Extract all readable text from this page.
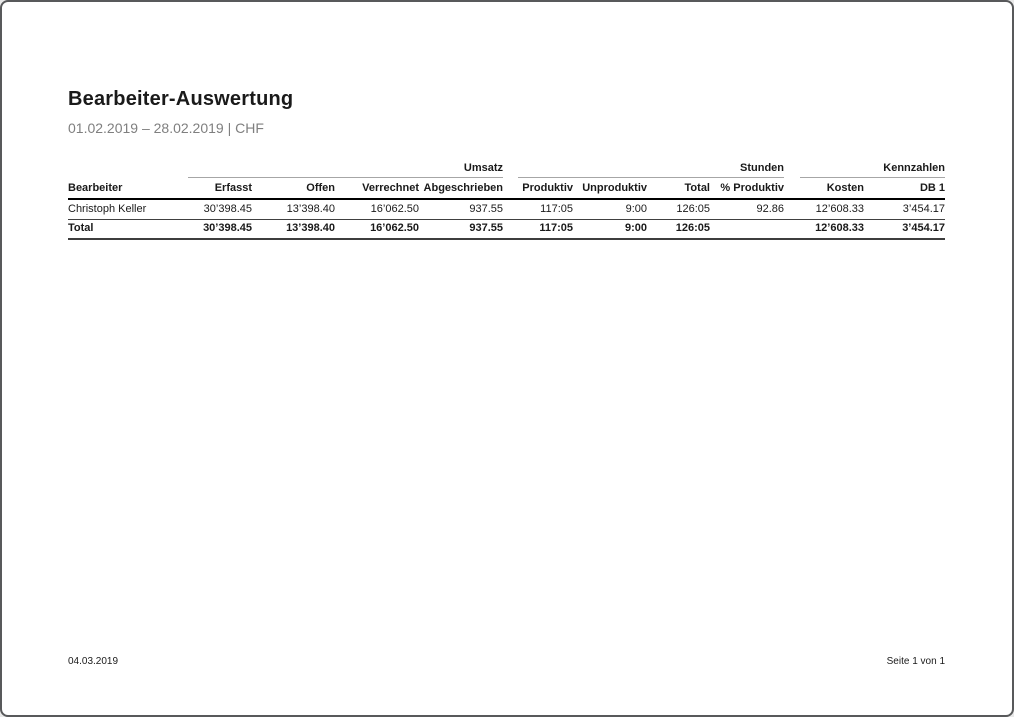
Bearbeiter-Auswertung
01.02.2019 – 28.02.2019 | CHF

	Umsatz				Stunden				Kennzahlen	

Bearbeiter	Erfasst	Offen	Verrechnet	Abgeschrieben	Produktiv	Unproduktiv	Total	% Produktiv	Kosten	DB 1
Christoph Keller	30’398.45	13’398.40	16’062.50	937.55	117:05	9:00	126:05	92.86	12’608.33	3’454.17
Total	30’398.45	13’398.40	16’062.50	937.55	117:05	9:00	126:05		12’608.33	3’454.17
04.03.2019	Seite 1 von 1
